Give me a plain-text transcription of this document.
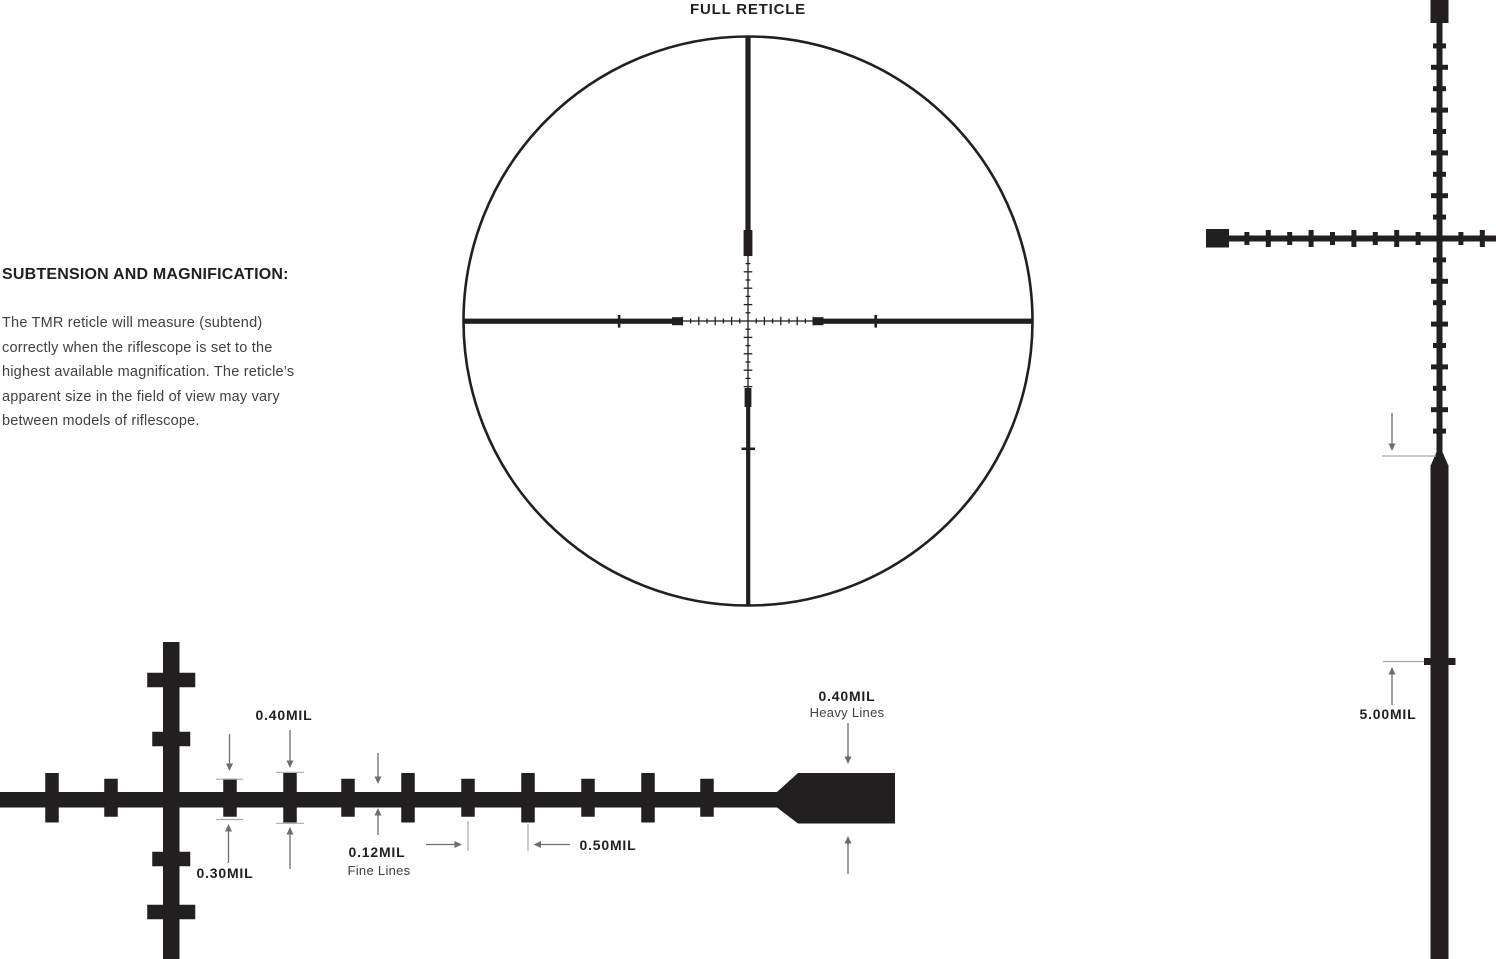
FULL RETICLE
SUBTENSION AND MAGNIFICATION:
The TMR reticle will measure (subtend)
correctly when the riflescope is set to the
highest available magnification. The reticle’s
apparent size in the field of view may vary
between models of riflescope.
0.40MIL
0.30MIL
0.12MIL
Fine Lines
0.50MIL
0.40MIL
Heavy Lines	5.00MIL
